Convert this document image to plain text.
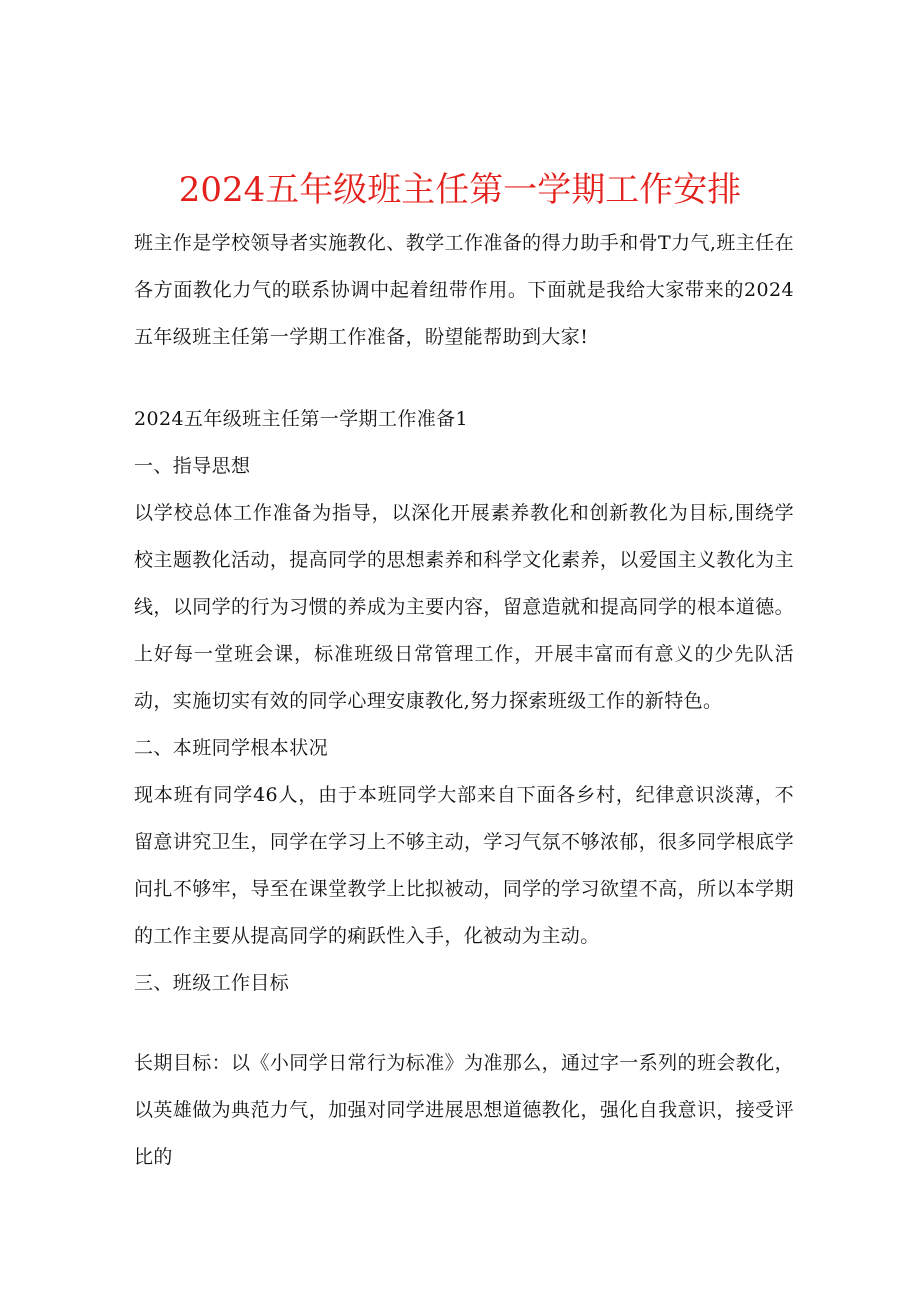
2024五年级班主任第一学期工作安排

班主作是学校领导者实施教化、教学工作准备的得力助手和骨T力气,班主任在各方面教化力气的联系协调中起着纽带作用。下面就是我给大家带来的2024五年级班主任第一学期工作准备，盼望能帮助到大家!

2024五年级班主任第一学期工作准备1

一、指导思想

以学校总体工作准备为指导，以深化开展素养教化和创新教化为目标,围绕学校主题教化活动，提高同学的思想素养和科学文化素养，以爱国主义教化为主线，以同学的行为习惯的养成为主要内容，留意造就和提高同学的根本道德。上好每一堂班会课，标准班级日常管理工作，开展丰富而有意义的少先队活动，实施切实有效的同学心理安康教化,努力探索班级工作的新特色。

二、本班同学根本状况

现本班有同学46人，由于本班同学大部来自下面各乡村，纪律意识淡薄，不留意讲究卫生，同学在学习上不够主动，学习气氛不够浓郁，很多同学根底学问扎不够牢，导至在课堂教学上比拟被动，同学的学习欲望不高，所以本学期的工作主要从提高同学的痢跃性入手，化被动为主动。

三、班级工作目标

长期目标：以《小同学日常行为标准》为准那么，通过字一系列的班会教化，以英雄做为典范力气，加强对同学进展思想道德教化，强化自我意识，接受评比的
